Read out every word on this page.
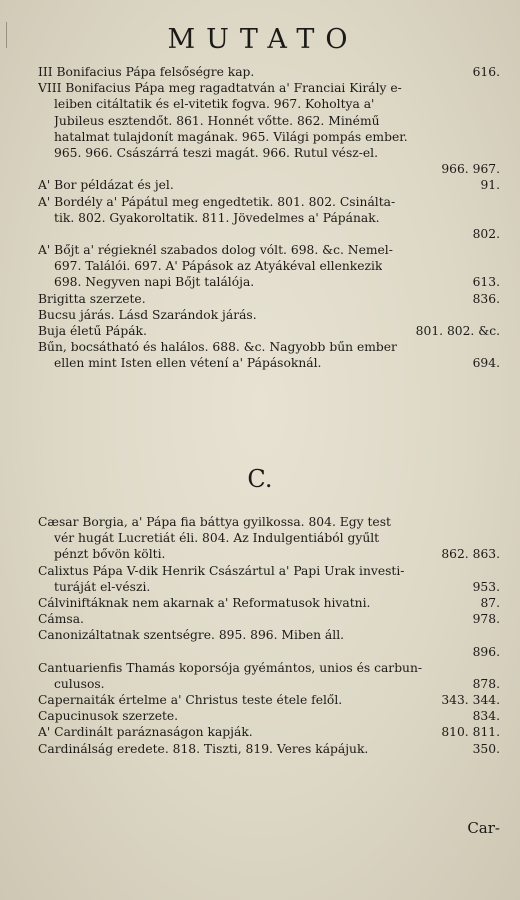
MUTATO
III Bonifacius Pápa felsőségre kap.	616.
VIII Bonifacius Pápa meg ragadtatván a' Franciai Király e-
leiben citáltatik és el-vitetik fogva. 967. Koholtya a'
Jubileus esztendőt. 861. Honnét vőtte. 862. Minémű
hatalmat tulajdonít magának. 965. Világi pompás ember.
965. 966. Császárrá teszi magát. 966. Rutul vész-el.
966. 967.
A' Bor példázat és jel.	91.
A' Bordély a' Pápátul meg engedtetik. 801. 802. Csinálta-
tik. 802. Gyakoroltatik. 811. Jövedelmes a' Pápának.
802.
A' Bőjt a' régieknél szabados dolog vólt. 698. &c. Nemel-
697. Találói. 697. A' Pápások az Atyákéval ellenkezik
698. Negyven napi Bőjt találója.	613.
Brigitta szerzete.	836.
Bucsu járás. Lásd Szarándok járás.
Buja életű Pápák.	801. 802. &c.
Bűn, bocsátható és halálos. 688. &c. Nagyobb bűn ember
ellen mint Isten ellen vétení a' Pápásoknál.	694.
C.
Cæsar Borgia, a' Pápa fia báttya gyilkossa. 804. Egy test
vér hugát Lucretiát éli. 804. Az Indulgentiából gyűlt
pénzt bővön költi.	862. 863.
Calixtus Pápa V-dik Henrik Császártul a' Papi Urak investi-
turáját el-vészi.	953.
Cálviniftáknak nem akarnak a' Reformatusok hivatni.	87.
Cámsa.	978.
Canonizáltatnak szentségre. 895. 896. Miben áll.
896.
Cantuarienfis Thamás koporsója gyémántos, unios és carbun-
culusos.	878.
Capernaiták értelme a' Christus teste étele felől.	343. 344.
Capucinusok szerzete.	834.
A' Cardinált paráznaságon kapják.	810. 811.
Cardinálság eredete. 818. Tiszti, 819. Veres kápájuk.	350.
Car-
